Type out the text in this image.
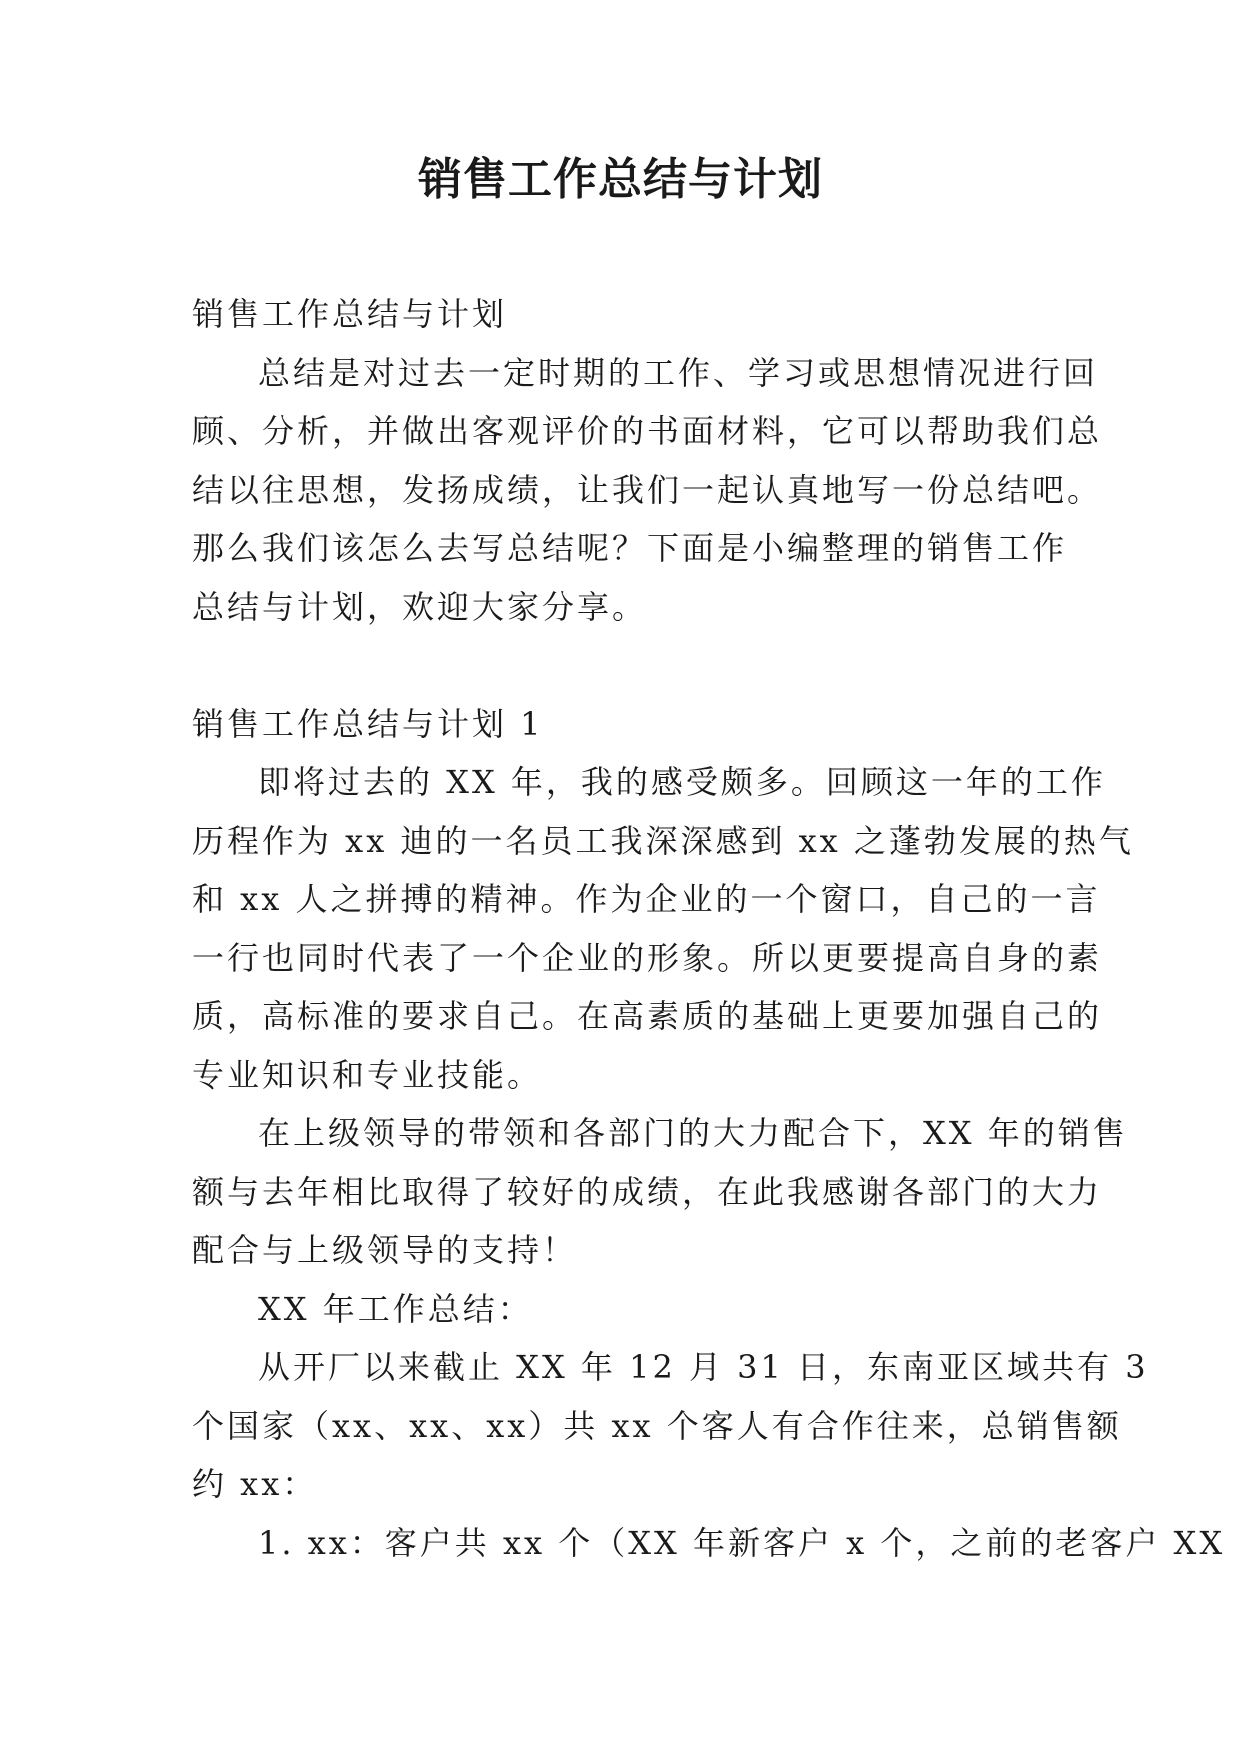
销售工作总结与计划
销售工作总结与计划
总结是对过去一定时期的工作、学习或思想情况进行回
顾、分析，并做出客观评价的书面材料，它可以帮助我们总
结以往思想，发扬成绩，让我们一起认真地写一份总结吧。
那么我们该怎么去写总结呢？下面是小编整理的销售工作
总结与计划，欢迎大家分享。
销售工作总结与计划 1
即将过去的 XX 年，我的感受颇多。回顾这一年的工作
历程作为 xx 迪的一名员工我深深感到 xx 之蓬勃发展的热气
和 xx 人之拼搏的精神。作为企业的一个窗口，自己的一言
一行也同时代表了一个企业的形象。所以更要提高自身的素
质，高标准的要求自己。在高素质的基础上更要加强自己的
专业知识和专业技能。
在上级领导的带领和各部门的大力配合下，XX 年的销售
额与去年相比取得了较好的成绩，在此我感谢各部门的大力
配合与上级领导的支持！
XX 年工作总结：
从开厂以来截止 XX 年 12 月 31 日，东南亚区域共有 3
个国家（xx、xx、xx）共 xx 个客人有合作往来，总销售额
约 xx：
1. xx：客户共 xx 个（XX 年新客户 x 个，之前的老客户 XX
